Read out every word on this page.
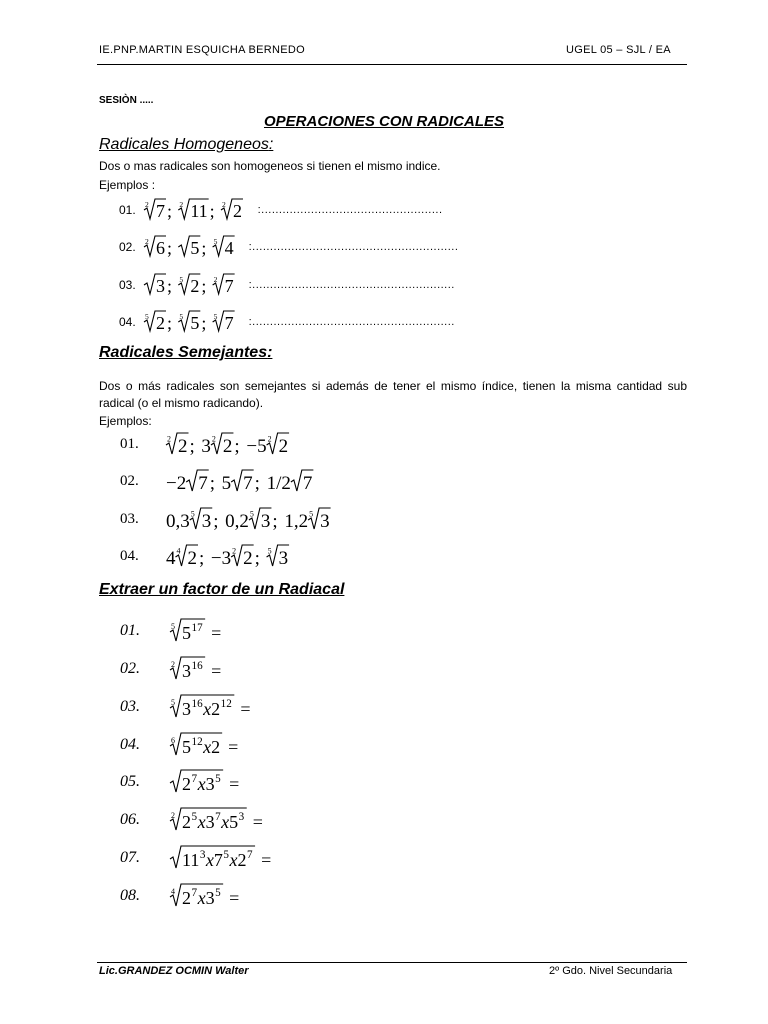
IE.PNP.MARTIN ESQUICHA BERNEDO	UGEL 05 – SJL / EA
SESIÒN .....
OPERACIONES CON RADICALES
Radicales Homogeneos:
Dos o mas radicales son homogeneos si tienen el mismo indice.
Ejemplos :
01. 2 7 ; 2 11 ; 2 2 :...................................................
02. 2 6 ; 5 ; 5 4 :..........................................................
03. 3 ; 5 2 ; 2 7 :.........................................................
04. 5 2 ; 5 5 ; 5 7 :.........................................................
Radicales Semejantes:
Dos o más radicales son semejantes si además de tener el mismo índice, tienen la misma cantidad sub radical (o el mismo radicando).
Ejemplos:
01.	2 2 ; 3 2 2 ; −5 2 2
02. −2 7 ; 5 7 ; 1/2 7
03. 0,3 5 3 ; 0,2 5 3 ; 1,2 5 3
04. 4 4 2 ; −3 2 2 ; 5 3
Extraer un factor de un Radiacal
01.	5 5 17 =
02.	2 3 16 =
03.	5 3 16 x 2 12 =
04.	6 5 12 x 2 =
05. 2 7 x 3 5 =
06.	2 2 5 x 3 7 x 5 3 =
07. 11 3 x 7 5 x 2 7 =
08.	4 2 7 x 3 5 =
Lic.GRANDEZ OCMIN Walter	2º Gdo. Nivel Secundaria
